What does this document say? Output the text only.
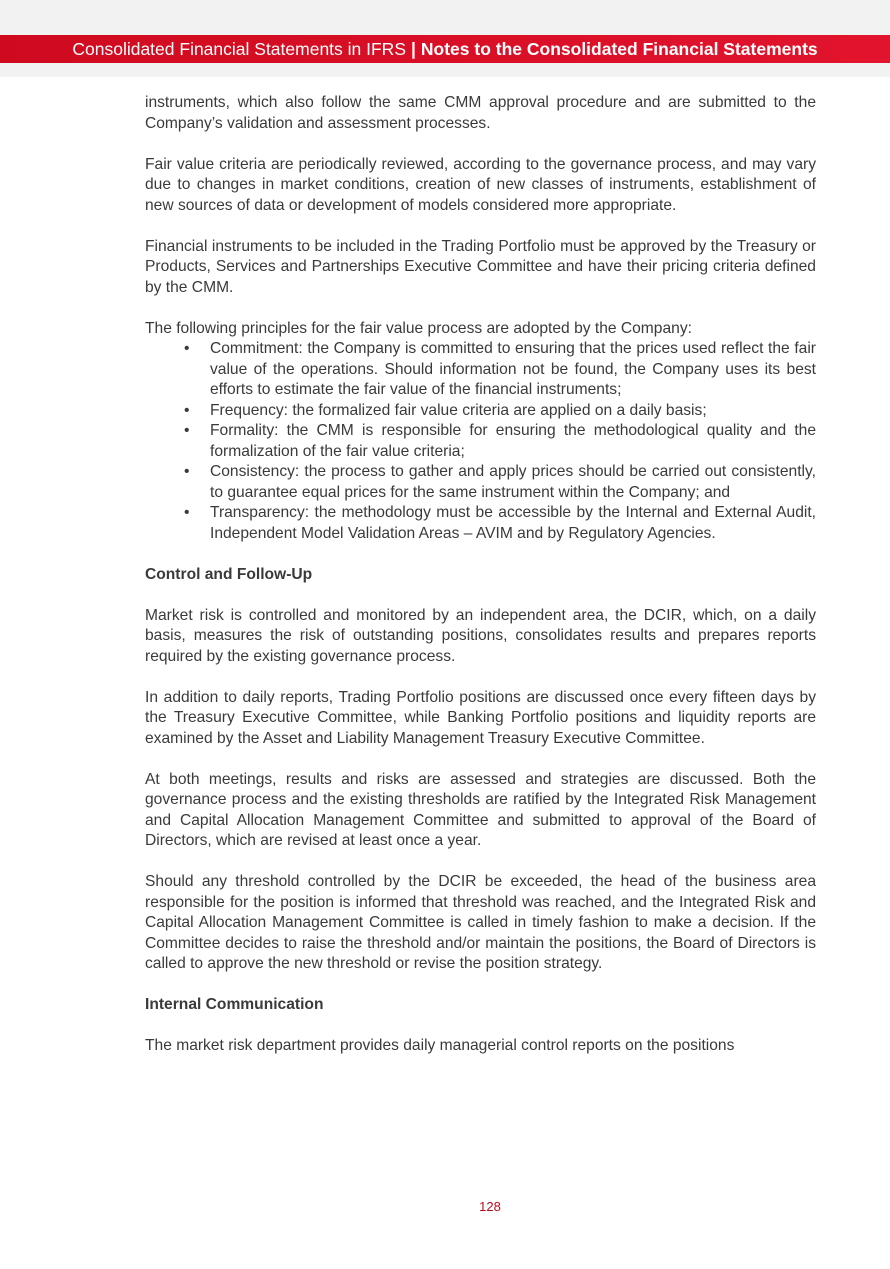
Consolidated Financial Statements in IFRS | Notes to the Consolidated Financial Statements

instruments, which also follow the same CMM approval procedure and are submitted to the Company’s validation and assessment processes.

Fair value criteria are periodically reviewed, according to the governance process, and may vary due to changes in market conditions, creation of new classes of instruments, establishment of new sources of data or development of models considered more appropriate.

Financial instruments to be included in the Trading Portfolio must be approved by the Treasury or Products, Services and Partnerships Executive Committee and have their pricing criteria defined by the CMM.

The following principles for the fair value process are adopted by the Company:

• Commitment: the Company is committed to ensuring that the prices used reflect the fair value of the operations. Should information not be found, the Company uses its best efforts to estimate the fair value of the financial instruments;
• Frequency: the formalized fair value criteria are applied on a daily basis;
• Formality: the CMM is responsible for ensuring the methodological quality and the formalization of the fair value criteria;
• Consistency: the process to gather and apply prices should be carried out consistently, to guarantee equal prices for the same instrument within the Company; and
• Transparency: the methodology must be accessible by the Internal and External Audit, Independent Model Validation Areas – AVIM and by Regulatory Agencies.
Control and Follow-Up

Market risk is controlled and monitored by an independent area, the DCIR, which, on a daily basis, measures the risk of outstanding positions, consolidates results and prepares reports required by the existing governance process.

In addition to daily reports, Trading Portfolio positions are discussed once every fifteen days by the Treasury Executive Committee, while Banking Portfolio positions and liquidity reports are examined by the Asset and Liability Management Treasury Executive Committee.

At both meetings, results and risks are assessed and strategies are discussed. Both the governance process and the existing thresholds are ratified by the Integrated Risk Management and Capital Allocation Management Committee and submitted to approval of the Board of Directors, which are revised at least once a year.

Should any threshold controlled by the DCIR be exceeded, the head of the business area responsible for the position is informed that threshold was reached, and the Integrated Risk and Capital Allocation Management Committee is called in timely fashion to make a decision. If the Committee decides to raise the threshold and/or maintain the positions, the Board of Directors is called to approve the new threshold or revise the position strategy.

Internal Communication

The market risk department provides daily managerial control reports on the positions

128
